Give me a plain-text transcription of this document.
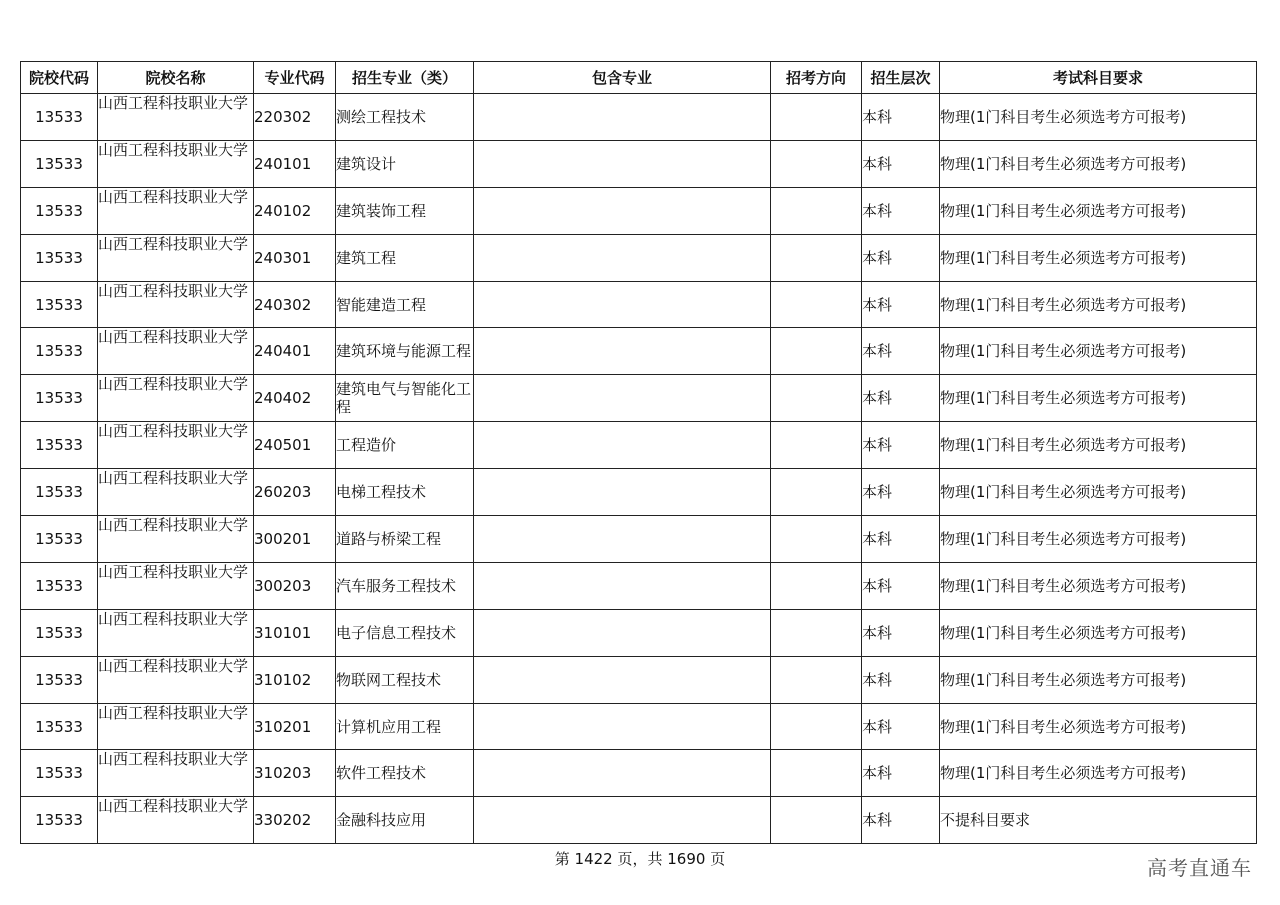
院校代码	院校名称	专业代码	招生专业（类）	包含专业	招考方向	招生层次	考试科目要求
13533	山西工程科技职业大学	220302	测绘工程技术			本科	物理(1门科目考生必须选考方可报考)
13533	山西工程科技职业大学	240101	建筑设计			本科	物理(1门科目考生必须选考方可报考)
13533	山西工程科技职业大学	240102	建筑装饰工程			本科	物理(1门科目考生必须选考方可报考)
13533	山西工程科技职业大学	240301	建筑工程			本科	物理(1门科目考生必须选考方可报考)
13533	山西工程科技职业大学	240302	智能建造工程			本科	物理(1门科目考生必须选考方可报考)
13533	山西工程科技职业大学	240401	建筑环境与能源工程			本科	物理(1门科目考生必须选考方可报考)
13533	山西工程科技职业大学	240402	建筑电气与智能化工程			本科	物理(1门科目考生必须选考方可报考)
13533	山西工程科技职业大学	240501	工程造价			本科	物理(1门科目考生必须选考方可报考)
13533	山西工程科技职业大学	260203	电梯工程技术			本科	物理(1门科目考生必须选考方可报考)
13533	山西工程科技职业大学	300201	道路与桥梁工程			本科	物理(1门科目考生必须选考方可报考)
13533	山西工程科技职业大学	300203	汽车服务工程技术			本科	物理(1门科目考生必须选考方可报考)
13533	山西工程科技职业大学	310101	电子信息工程技术			本科	物理(1门科目考生必须选考方可报考)
13533	山西工程科技职业大学	310102	物联网工程技术			本科	物理(1门科目考生必须选考方可报考)
13533	山西工程科技职业大学	310201	计算机应用工程			本科	物理(1门科目考生必须选考方可报考)
13533	山西工程科技职业大学	310203	软件工程技术			本科	物理(1门科目考生必须选考方可报考)
13533	山西工程科技职业大学	330202	金融科技应用			本科	不提科目要求
第 1422 页，共 1690 页	高考直通车
